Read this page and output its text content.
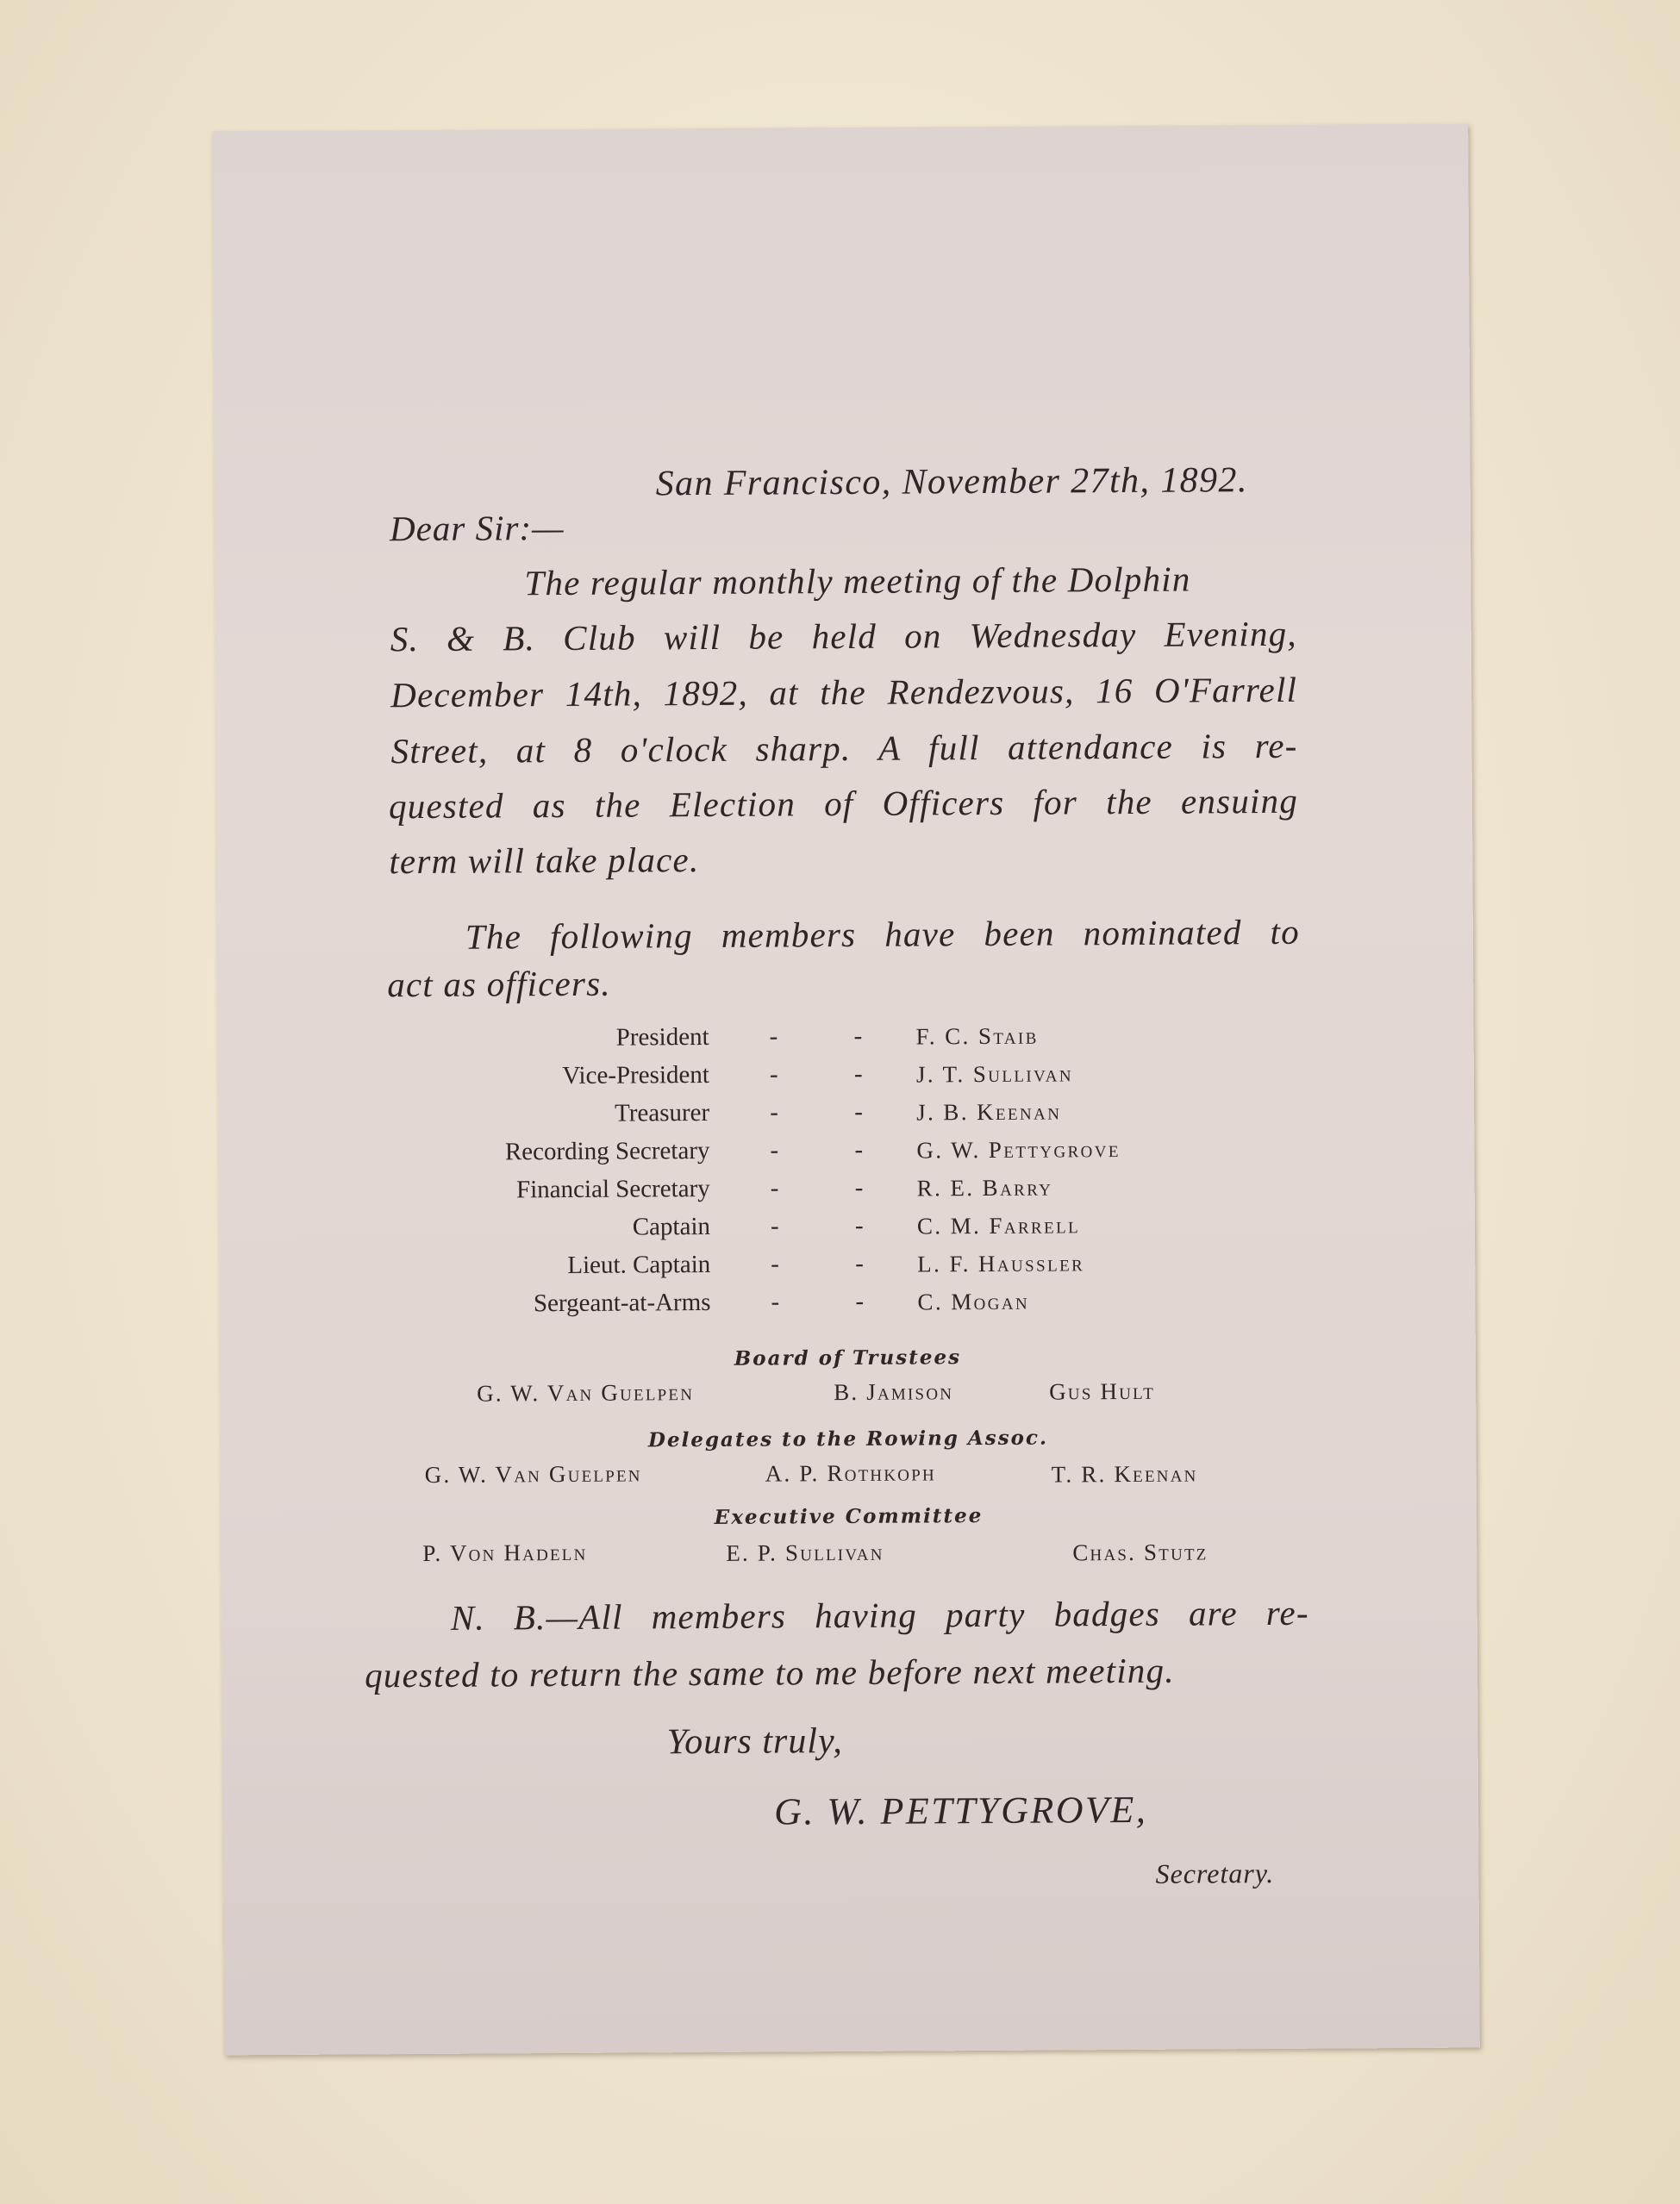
San Francisco, November 27th, 1892.
Dear Sir:—
The regular monthly meeting of the Dolphin
S. & B. Club will be held on Wednesday Evening,
December 14th, 1892, at the Rendezvous, 16 O'Farrell
Street, at 8 o'clock sharp. A full attendance is re-
quested as the Election of Officers for the ensuing
term will take place.
The following members have been nominated to
act as officers.
President -	- F. C. Staib
Vice-President -	- J. T. Sullivan
Treasurer -	- J. B. Keenan
Recording Secretary -	- G. W. Pettygrove
Financial Secretary -	- R. E. Barry
Captain -	- C. M. Farrell
Lieut. Captain -	- L. F. Haussler
Sergeant-at-Arms -	- C. Mogan
Board of Trustees
G. W. Van Guelpen	B. Jamison	Gus Hult
Delegates to the Rowing Assoc.
G. W. Van Guelpen	A. P. Rothkoph	T. R. Keenan
Executive Committee
P. Von Hadeln	E. P. Sullivan	Chas. Stutz
N. B.—All members having party badges are re-
quested to return the same to me before next meeting.
Yours truly,
G. W. PETTYGROVE,
Secretary.
